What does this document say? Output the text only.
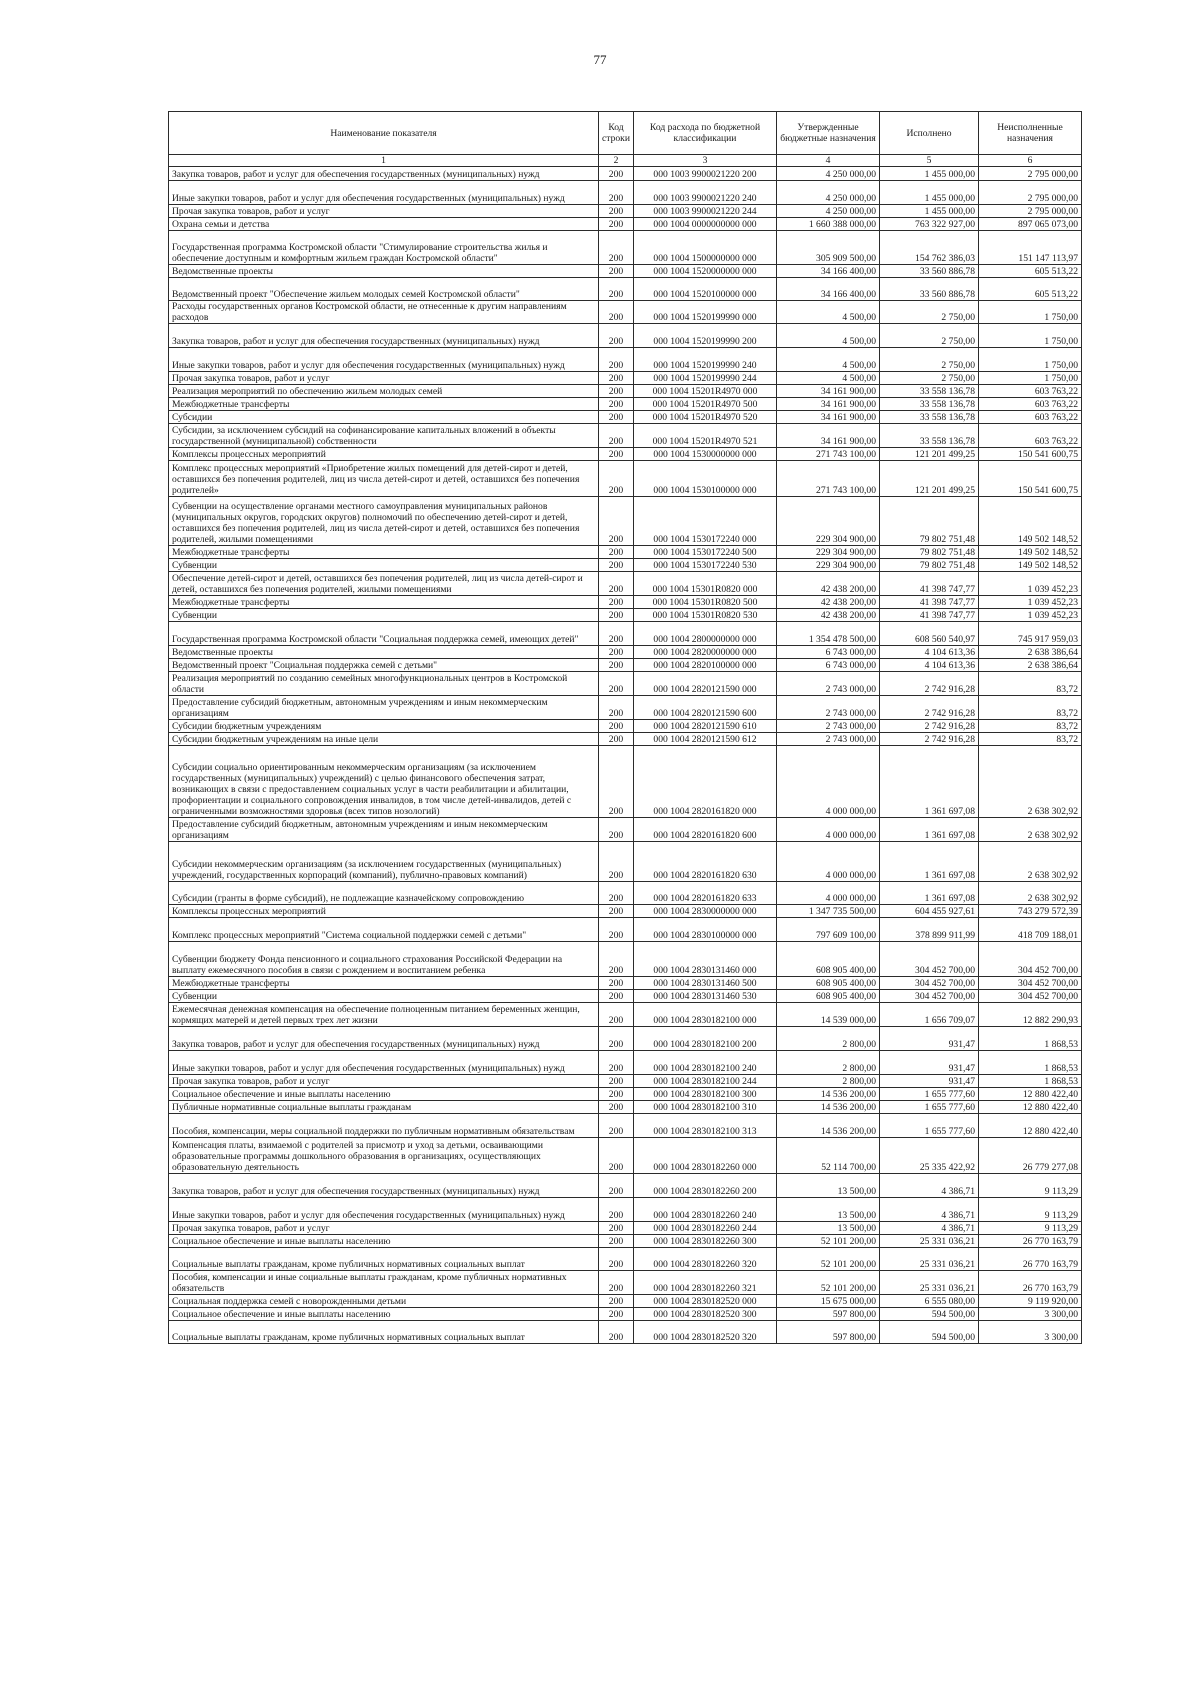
77
Наименование показателя	Код строки	Код расхода по бюджетной классификации	Утвержденные бюджетные назначения	Исполнено	Неисполненные назначения
1	2	3	4	5	6
Закупка товаров, работ и услуг для обеспечения государственных (муниципальных) нужд	200	000 1003 9900021220 200	4 250 000,00	1 455 000,00	2 795 000,00
Иные закупки товаров, работ и услуг для обеспечения государственных (муниципальных) нужд	200	000 1003 9900021220 240	4 250 000,00	1 455 000,00	2 795 000,00
Прочая закупка товаров, работ и услуг	200	000 1003 9900021220 244	4 250 000,00	1 455 000,00	2 795 000,00
Охрана семьи и детства	200	000 1004 0000000000 000	1 660 388 000,00	763 322 927,00	897 065 073,00
Государственная программа Костромской области "Стимулирование строительства жилья и обеспечение доступным и комфортным жильем граждан Костромской области"	200	000 1004 1500000000 000	305 909 500,00	154 762 386,03	151 147 113,97
Ведомственные проекты	200	000 1004 1520000000 000	34 166 400,00	33 560 886,78	605 513,22
Ведомственный проект "Обеспечение жильем молодых семей Костромской области"	200	000 1004 1520100000 000	34 166 400,00	33 560 886,78	605 513,22
Расходы государственных органов Костромской области, не отнесенные к другим направлениям расходов	200	000 1004 1520199990 000	4 500,00	2 750,00	1 750,00
Закупка товаров, работ и услуг для обеспечения государственных (муниципальных) нужд	200	000 1004 1520199990 200	4 500,00	2 750,00	1 750,00
Иные закупки товаров, работ и услуг для обеспечения государственных (муниципальных) нужд	200	000 1004 1520199990 240	4 500,00	2 750,00	1 750,00
Прочая закупка товаров, работ и услуг	200	000 1004 1520199990 244	4 500,00	2 750,00	1 750,00
Реализация мероприятий по обеспечению жильем молодых семей	200	000 1004 15201R4970 000	34 161 900,00	33 558 136,78	603 763,22
Межбюджетные трансферты	200	000 1004 15201R4970 500	34 161 900,00	33 558 136,78	603 763,22
Субсидии	200	000 1004 15201R4970 520	34 161 900,00	33 558 136,78	603 763,22
Субсидии, за исключением субсидий на софинансирование капитальных вложений в объекты государственной (муниципальной) собственности	200	000 1004 15201R4970 521	34 161 900,00	33 558 136,78	603 763,22
Комплексы процессных мероприятий	200	000 1004 1530000000 000	271 743 100,00	121 201 499,25	150 541 600,75
Комплекс процессных мероприятий «Приобретение жилых помещений для детей-сирот и детей, оставшихся без попечения родителей, лиц из числа детей-сирот и детей, оставшихся без попечения родителей»	200	000 1004 1530100000 000	271 743 100,00	121 201 499,25	150 541 600,75
Субвенции на осуществление органами местного самоуправления муниципальных районов (муниципальных округов, городских округов) полномочий по обеспечению детей-сирот и детей, оставшихся без попечения родителей, лиц из числа детей-сирот и детей, оставшихся без попечения родителей, жилыми помещениями	200	000 1004 1530172240 000	229 304 900,00	79 802 751,48	149 502 148,52
Межбюджетные трансферты	200	000 1004 1530172240 500	229 304 900,00	79 802 751,48	149 502 148,52
Субвенции	200	000 1004 1530172240 530	229 304 900,00	79 802 751,48	149 502 148,52
Обеспечение детей-сирот и детей, оставшихся без попечения родителей, лиц из числа детей-сирот и детей, оставшихся без попечения родителей, жилыми помещениями	200	000 1004 15301R0820 000	42 438 200,00	41 398 747,77	1 039 452,23
Межбюджетные трансферты	200	000 1004 15301R0820 500	42 438 200,00	41 398 747,77	1 039 452,23
Субвенции	200	000 1004 15301R0820 530	42 438 200,00	41 398 747,77	1 039 452,23
Государственная программа Костромской области "Социальная поддержка семей, имеющих детей"	200	000 1004 2800000000 000	1 354 478 500,00	608 560 540,97	745 917 959,03
Ведомственные проекты	200	000 1004 2820000000 000	6 743 000,00	4 104 613,36	2 638 386,64
Ведомственный проект "Социальная поддержка семей с детьми"	200	000 1004 2820100000 000	6 743 000,00	4 104 613,36	2 638 386,64
Реализация мероприятий по созданию семейных многофункциональных центров в Костромской области	200	000 1004 2820121590 000	2 743 000,00	2 742 916,28	83,72
Предоставление субсидий бюджетным, автономным учреждениям и иным некоммерческим организациям	200	000 1004 2820121590 600	2 743 000,00	2 742 916,28	83,72
Субсидии бюджетным учреждениям	200	000 1004 2820121590 610	2 743 000,00	2 742 916,28	83,72
Субсидии бюджетным учреждениям на иные цели	200	000 1004 2820121590 612	2 743 000,00	2 742 916,28	83,72
Субсидии социально ориентированным некоммерческим организациям (за исключением государственных (муниципальных) учреждений) с целью финансового обеспечения затрат, возникающих в связи с предоставлением социальных услуг в части реабилитации и абилитации, профориентации и социального сопровождения инвалидов, в том числе детей-инвалидов, детей с ограниченными возможностями здоровья (всех типов нозологий)	200	000 1004 2820161820 000	4 000 000,00	1 361 697,08	2 638 302,92
Предоставление субсидий бюджетным, автономным учреждениям и иным некоммерческим организациям	200	000 1004 2820161820 600	4 000 000,00	1 361 697,08	2 638 302,92
Субсидии некоммерческим организациям (за исключением государственных (муниципальных) учреждений, государственных корпораций (компаний), публично-правовых компаний)	200	000 1004 2820161820 630	4 000 000,00	1 361 697,08	2 638 302,92
Субсидии (гранты в форме субсидий), не подлежащие казначейскому сопровождению	200	000 1004 2820161820 633	4 000 000,00	1 361 697,08	2 638 302,92
Комплексы процессных мероприятий	200	000 1004 2830000000 000	1 347 735 500,00	604 455 927,61	743 279 572,39
Комплекс процессных мероприятий "Система социальной поддержки семей с детьми"	200	000 1004 2830100000 000	797 609 100,00	378 899 911,99	418 709 188,01
Субвенции бюджету Фонда пенсионного и социального страхования Российской Федерации на выплату ежемесячного пособия в связи с рождением и воспитанием ребенка	200	000 1004 2830131460 000	608 905 400,00	304 452 700,00	304 452 700,00
Межбюджетные трансферты	200	000 1004 2830131460 500	608 905 400,00	304 452 700,00	304 452 700,00
Субвенции	200	000 1004 2830131460 530	608 905 400,00	304 452 700,00	304 452 700,00
Ежемесячная денежная компенсация на обеспечение полноценным питанием беременных женщин, кормящих матерей и детей первых трех лет жизни	200	000 1004 2830182100 000	14 539 000,00	1 656 709,07	12 882 290,93
Закупка товаров, работ и услуг для обеспечения государственных (муниципальных) нужд	200	000 1004 2830182100 200	2 800,00	931,47	1 868,53
Иные закупки товаров, работ и услуг для обеспечения государственных (муниципальных) нужд	200	000 1004 2830182100 240	2 800,00	931,47	1 868,53
Прочая закупка товаров, работ и услуг	200	000 1004 2830182100 244	2 800,00	931,47	1 868,53
Социальное обеспечение и иные выплаты населению	200	000 1004 2830182100 300	14 536 200,00	1 655 777,60	12 880 422,40
Публичные нормативные социальные выплаты гражданам	200	000 1004 2830182100 310	14 536 200,00	1 655 777,60	12 880 422,40
Пособия, компенсации, меры социальной поддержки по публичным нормативным обязательствам	200	000 1004 2830182100 313	14 536 200,00	1 655 777,60	12 880 422,40
Компенсация платы, взимаемой с родителей за присмотр и уход за детьми, осваивающими образовательные программы дошкольного образования в организациях, осуществляющих образовательную деятельность	200	000 1004 2830182260 000	52 114 700,00	25 335 422,92	26 779 277,08
Закупка товаров, работ и услуг для обеспечения государственных (муниципальных) нужд	200	000 1004 2830182260 200	13 500,00	4 386,71	9 113,29
Иные закупки товаров, работ и услуг для обеспечения государственных (муниципальных) нужд	200	000 1004 2830182260 240	13 500,00	4 386,71	9 113,29
Прочая закупка товаров, работ и услуг	200	000 1004 2830182260 244	13 500,00	4 386,71	9 113,29
Социальное обеспечение и иные выплаты населению	200	000 1004 2830182260 300	52 101 200,00	25 331 036,21	26 770 163,79
Социальные выплаты гражданам, кроме публичных нормативных социальных выплат	200	000 1004 2830182260 320	52 101 200,00	25 331 036,21	26 770 163,79
Пособия, компенсации и иные социальные выплаты гражданам, кроме публичных нормативных обязательств	200	000 1004 2830182260 321	52 101 200,00	25 331 036,21	26 770 163,79
Социальная поддержка семей с новорожденными детьми	200	000 1004 2830182520 000	15 675 000,00	6 555 080,00	9 119 920,00
Социальное обеспечение и иные выплаты населению	200	000 1004 2830182520 300	597 800,00	594 500,00	3 300,00
Социальные выплаты гражданам, кроме публичных нормативных социальных выплат	200	000 1004 2830182520 320	597 800,00	594 500,00	3 300,00
